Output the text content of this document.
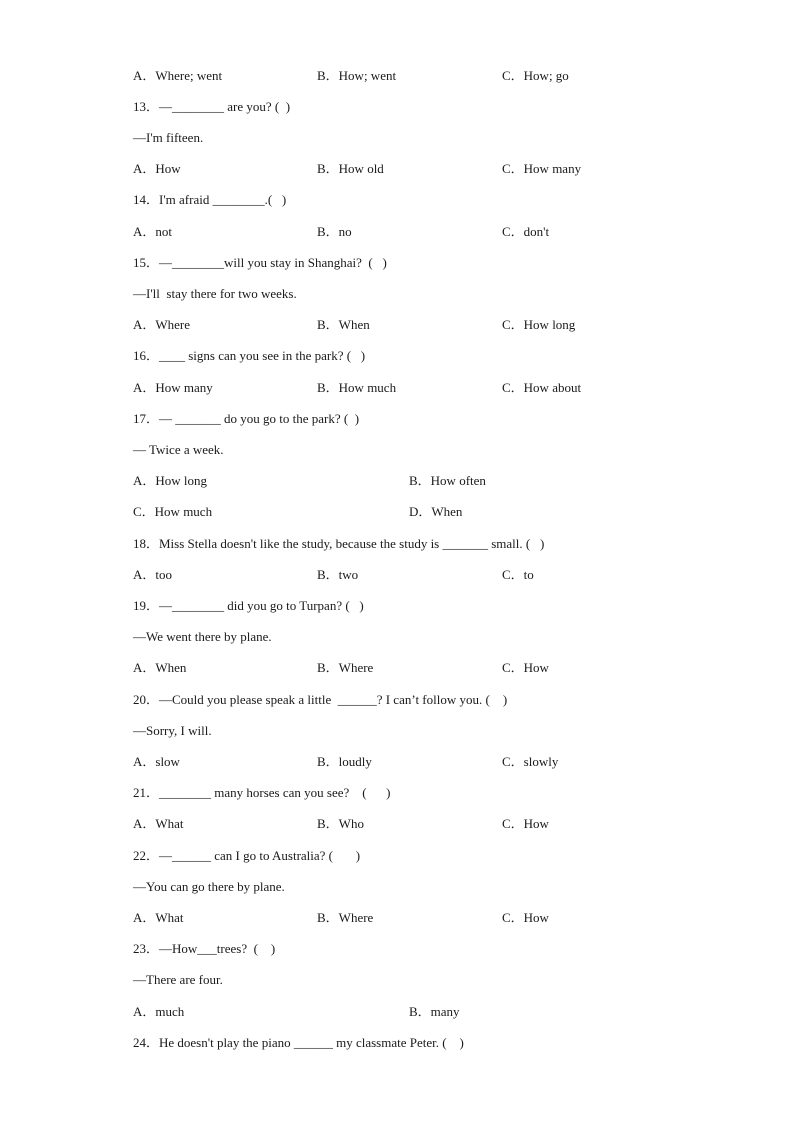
A．Where; went	B．How; went	C．How; go
13．—________ are you? (  )
—I'm fifteen.
A．How	B．How old	C．How many
14．I'm afraid ________.(   )
A．not	B．no	C．don't
15．—________will you stay in Shanghai?  (   )
—I'll  stay there for two weeks.
A．Where	B．When	C．How long
16．____ signs can you see in the park? (   )
A．How many	B．How much	C．How about
17．— _______ do you go to the park? (  )
— Twice a week.
A．How long	B．How often
C．How much	D．When
18．Miss Stella doesn't like the study, because the study is _______ small. (   )
A．too	B．two	C．to
19．—________ did you go to Turpan? (   )
—We went there by plane.
A．When	B．Where	C．How
20．—Could you please speak a little  ______? I can’t follow you. (    )
—Sorry, I will.
A．slow	B．loudly	C．slowly
21．________ many horses can you see?    (      )
A．What	B．Who	C．How
22．—______ can I go to Australia? (       )
—You can go there by plane.
A．What	B．Where	C．How
23．—How___trees?  (    )
—There are four.
A．much	B．many
24．He doesn't play the piano ______ my classmate Peter. (    )
